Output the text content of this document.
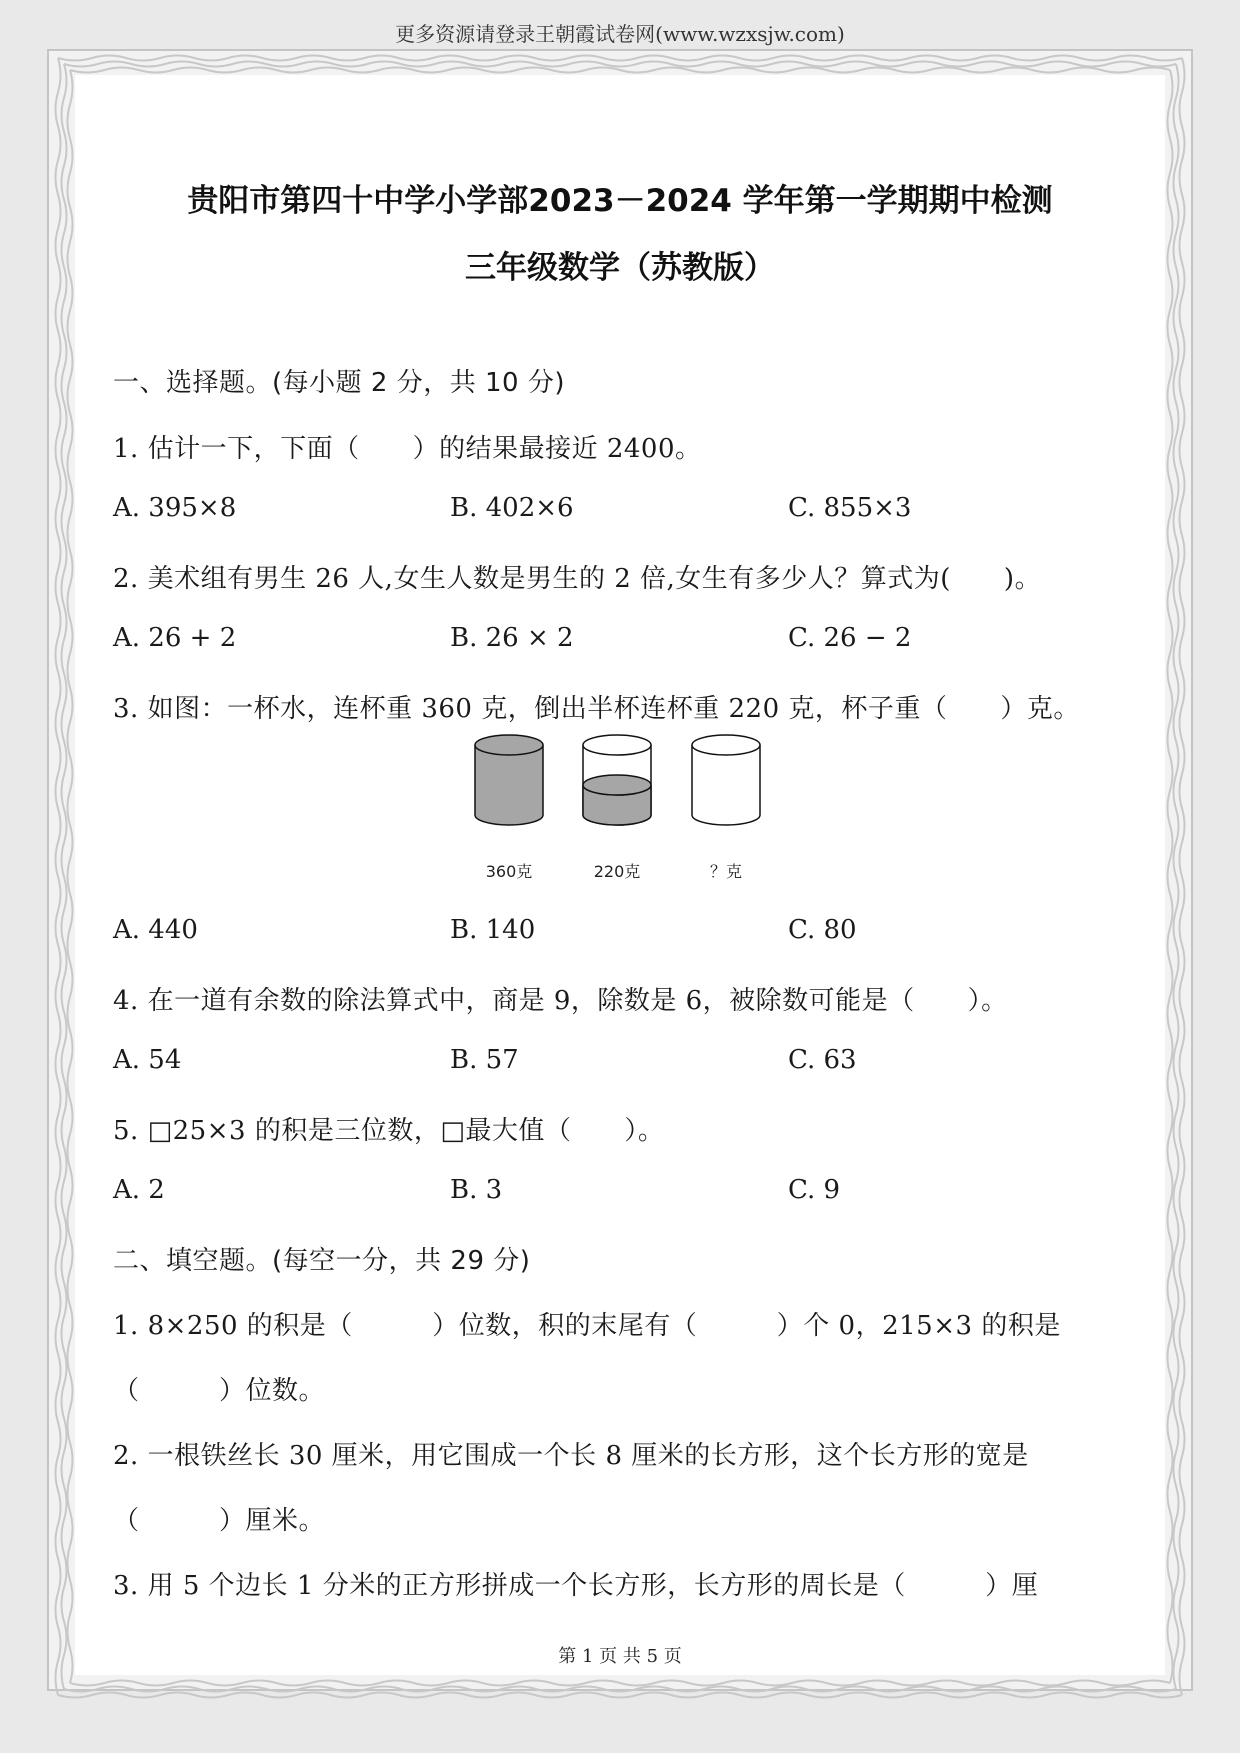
更多资源请登录王朝霞试卷网(www.wzxsjw.com)
贵阳市第四十中学小学部2023－2024 学年第一学期期中检测
三年级数学（苏教版）
一、选择题。(每小题 2 分，共 10 分)
1. 估计一下，下面（　　）的结果最接近 2400。
A. 395×8	B. 402×6	C. 855×3
2. 美术组有男生 26 人,女生人数是男生的 2 倍,女生有多少人？算式为(　　)。
A. 26 + 2	B. 26 × 2	C. 26 − 2
3. 如图：一杯水，连杯重 360 克，倒出半杯连杯重 220 克，杯子重（　　）克。
360克	220克	？克
A. 440	B. 140	C. 80
4. 在一道有余数的除法算式中，商是 9，除数是 6，被除数可能是（　　）。
A. 54	B. 57	C. 63
5. □25×3 的积是三位数，□最大值（　　）。
A. 2	B. 3	C. 9
二、填空题。(每空一分，共 29 分)
1. 8×250 的积是（　　　）位数，积的末尾有（　　　）个 0，215×3 的积是
（　　　）位数。
2. 一根铁丝长 30 厘米，用它围成一个长 8 厘米的长方形，这个长方形的宽是
（　　　）厘米。
3. 用 5 个边长 1 分米的正方形拼成一个长方形，长方形的周长是（　　　）厘
第 1 页 共 5 页
